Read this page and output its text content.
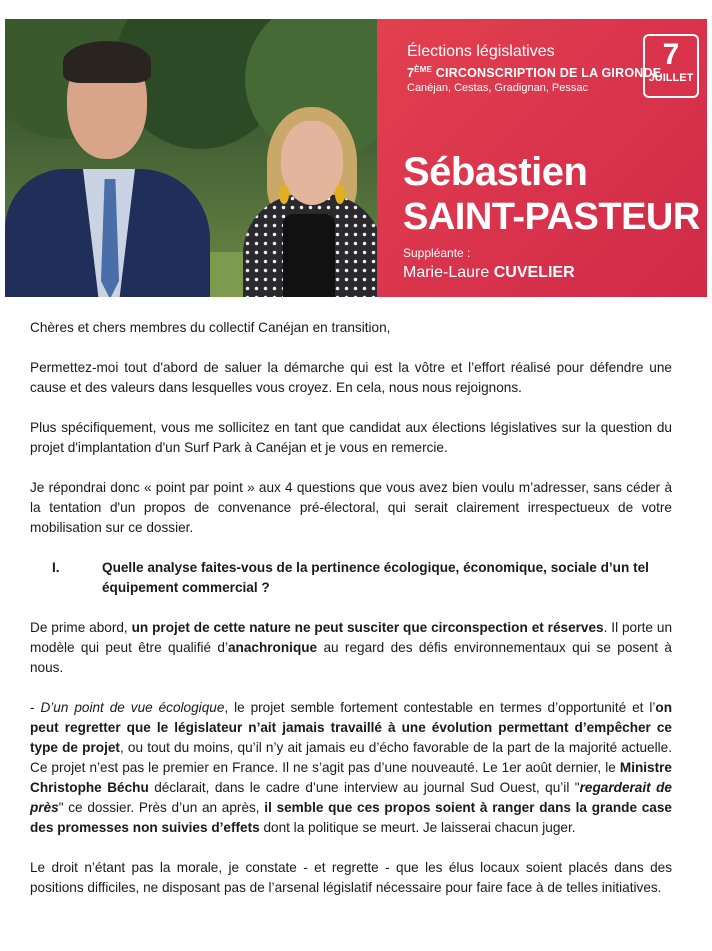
Élections législatives
7ÈME CIRCONSCRIPTION DE LA GIRONDE
Canéjan, Cestas, Gradignan, Pessac
7
JUILLET
Sébastien
SAINT-PASTEUR
Suppléante :
Marie-Laure CUVELIER

Chères et chers membres du collectif Canéjan en transition,

Permettez-moi tout d'abord de saluer la démarche qui est la vôtre et l’effort réalisé pour défendre une cause et des valeurs dans lesquelles vous croyez. En cela, nous nous rejoignons.

Plus spécifiquement, vous me sollicitez en tant que candidat aux élections législatives sur la question du projet d'implantation d'un Surf Park à Canéjan et je vous en remercie.

Je répondrai donc « point par point » aux 4 questions que vous avez bien voulu m’adresser, sans céder à la tentation d'un propos de convenance pré-électoral, qui serait clairement irrespectueux de votre mobilisation sur ce dossier.

I.	Quelle analyse faites-vous de la pertinence écologique, économique, sociale d’un tel équipement commercial ?

De prime abord, un projet de cette nature ne peut susciter que circonspection et réserves. Il porte un modèle qui peut être qualifié d’anachronique au regard des défis environnementaux qui se posent à nous.

- D’un point de vue écologique, le projet semble fortement contestable en termes d’opportunité et l’on peut regretter que le législateur n’ait jamais travaillé à une évolution permettant d’empêcher ce type de projet, ou tout du moins, qu’il n’y ait jamais eu d’écho favorable de la part de la majorité actuelle. Ce projet n’est pas le premier en France. Il ne s’agit pas d’une nouveauté. Le 1er août dernier, le Ministre Christophe Béchu déclarait, dans le cadre d’une interview au journal Sud Ouest, qu’il "regarderait de près" ce dossier. Près d’un an après, il semble que ces propos soient à ranger dans la grande case des promesses non suivies d’effets dont la politique se meurt. Je laisserai chacun juger.

Le droit n’étant pas la morale, je constate - et regrette - que les élus locaux soient placés dans des positions difficiles, ne disposant pas de l’arsenal législatif nécessaire pour faire face à de telles initiatives.
